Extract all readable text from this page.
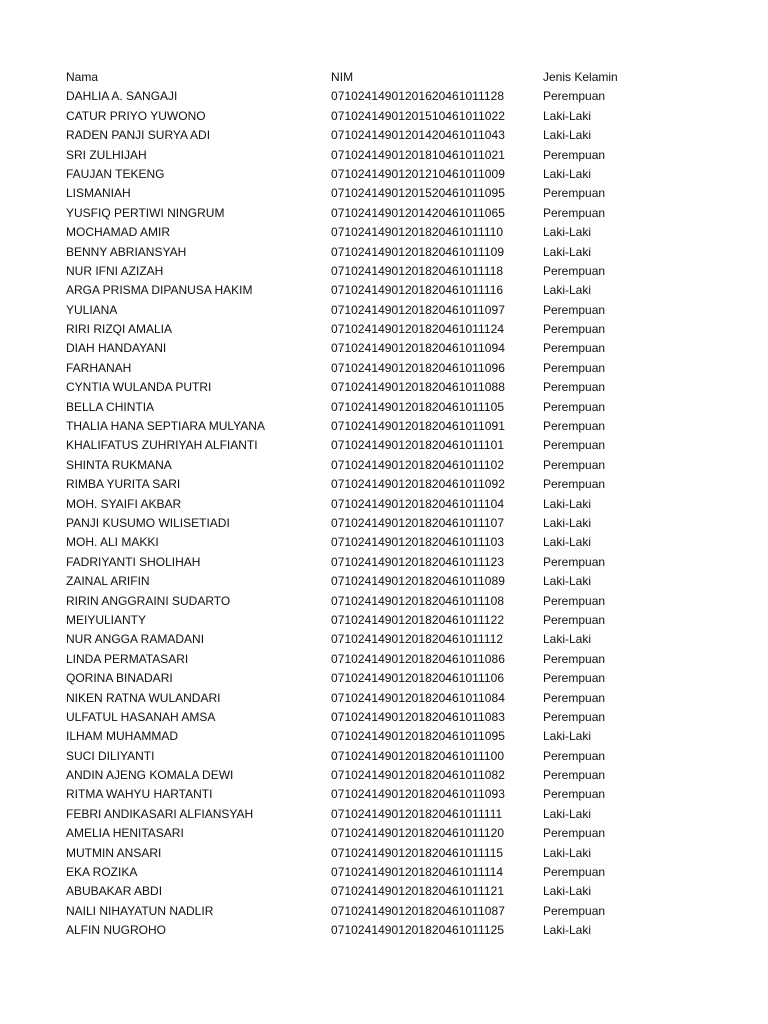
Nama	NIM	Jenis Kelamin
DAHLIA A. SANGAJI	07102414901201620461011128	Perempuan
CATUR PRIYO YUWONO	07102414901201510461011022	Laki-Laki
RADEN PANJI SURYA ADI	07102414901201420461011043	Laki-Laki
SRI ZULHIJAH	07102414901201810461011021	Perempuan
FAUJAN TEKENG	07102414901201210461011009	Laki-Laki
LISMANIAH	07102414901201520461011095	Perempuan
YUSFIQ PERTIWI NINGRUM	07102414901201420461011065	Perempuan
MOCHAMAD AMIR	07102414901201820461011110	Laki-Laki
BENNY ABRIANSYAH	07102414901201820461011109	Laki-Laki
NUR IFNI AZIZAH	07102414901201820461011118	Perempuan
ARGA PRISMA DIPANUSA HAKIM	07102414901201820461011116	Laki-Laki
YULIANA	07102414901201820461011097	Perempuan
RIRI RIZQI AMALIA	07102414901201820461011124	Perempuan
DIAH HANDAYANI	07102414901201820461011094	Perempuan
FARHANAH	07102414901201820461011096	Perempuan
CYNTIA WULANDA PUTRI	07102414901201820461011088	Perempuan
BELLA CHINTIA	07102414901201820461011105	Perempuan
THALIA HANA SEPTIARA MULYANA	07102414901201820461011091	Perempuan
KHALIFATUS ZUHRIYAH ALFIANTI	07102414901201820461011101	Perempuan
SHINTA RUKMANA	07102414901201820461011102	Perempuan
RIMBA YURITA SARI	07102414901201820461011092	Perempuan
MOH. SYAIFI AKBAR	07102414901201820461011104	Laki-Laki
PANJI KUSUMO WILISETIADI	07102414901201820461011107	Laki-Laki
MOH. ALI MAKKI	07102414901201820461011103	Laki-Laki
FADRIYANTI SHOLIHAH	07102414901201820461011123	Perempuan
ZAINAL ARIFIN	07102414901201820461011089	Laki-Laki
RIRIN ANGGRAINI SUDARTO	07102414901201820461011108	Perempuan
MEIYULIANTY	07102414901201820461011122	Perempuan
NUR ANGGA RAMADANI	07102414901201820461011112	Laki-Laki
LINDA PERMATASARI	07102414901201820461011086	Perempuan
QORINA BINADARI	07102414901201820461011106	Perempuan
NIKEN RATNA WULANDARI	07102414901201820461011084	Perempuan
ULFATUL HASANAH AMSA	07102414901201820461011083	Perempuan
ILHAM MUHAMMAD	07102414901201820461011095	Laki-Laki
SUCI DILIYANTI	07102414901201820461011100	Perempuan
ANDIN AJENG KOMALA DEWI	07102414901201820461011082	Perempuan
RITMA WAHYU HARTANTI	07102414901201820461011093	Perempuan
FEBRI ANDIKASARI ALFIANSYAH	07102414901201820461011111	Laki-Laki
AMELIA HENITASARI	07102414901201820461011120	Perempuan
MUTMIN ANSARI	07102414901201820461011115	Laki-Laki
EKA ROZIKA	07102414901201820461011114	Perempuan
ABUBAKAR ABDI	07102414901201820461011121	Laki-Laki
NAILI NIHAYATUN NADLIR	07102414901201820461011087	Perempuan
ALFIN NUGROHO	07102414901201820461011125	Laki-Laki
